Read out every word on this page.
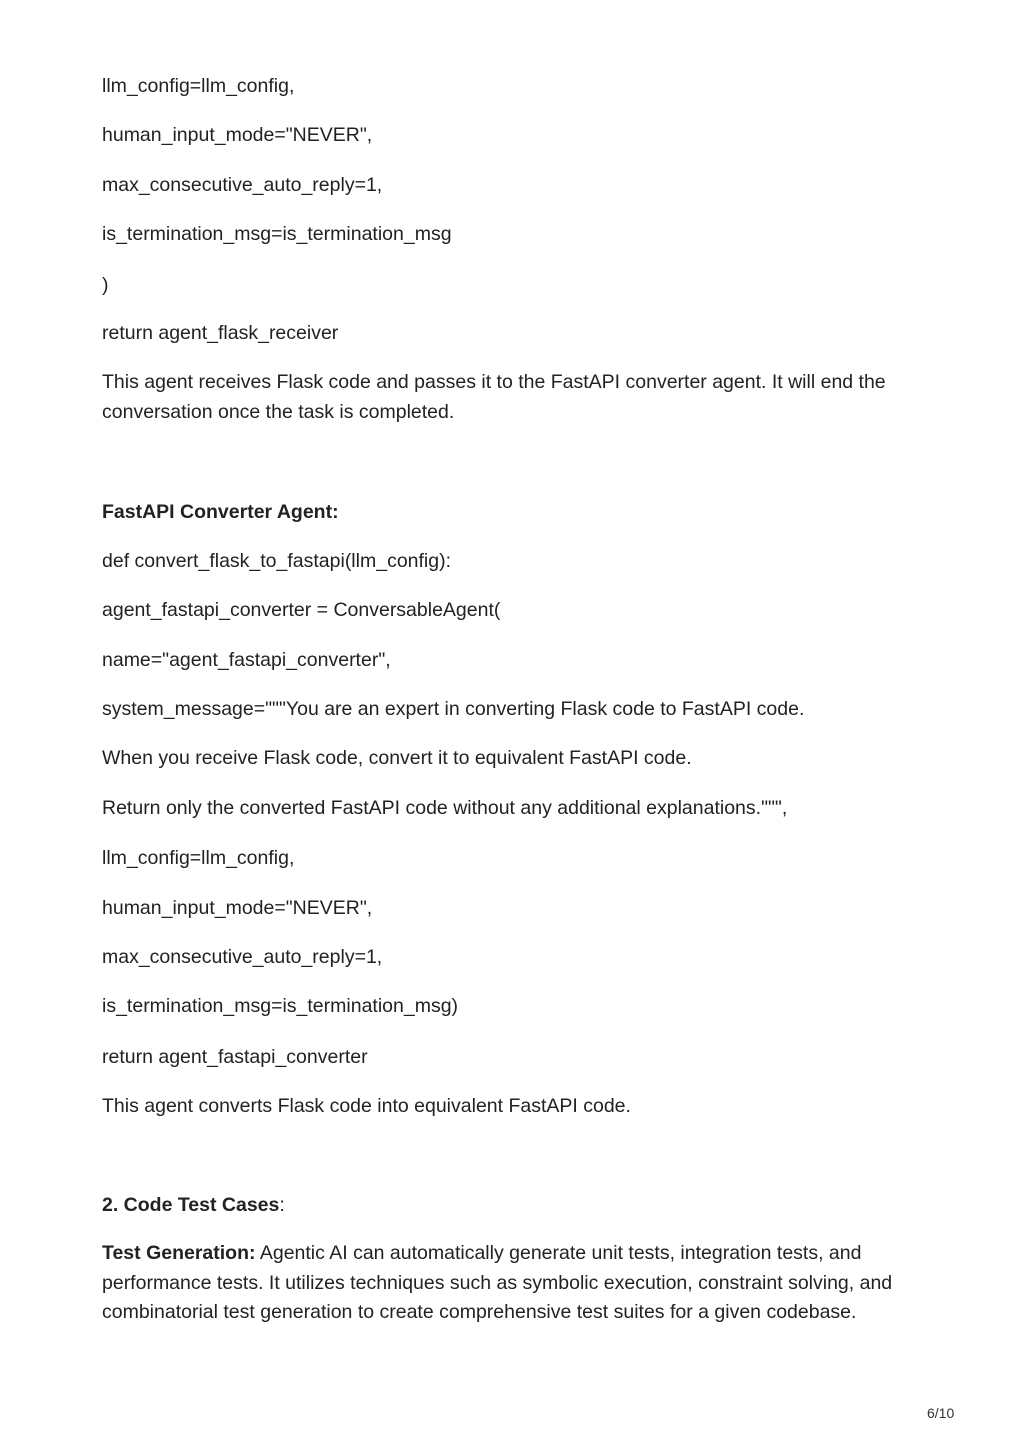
llm_config=llm_config,
human_input_mode="NEVER",
max_consecutive_auto_reply=1,
is_termination_msg=is_termination_msg
)
return agent_flask_receiver
This agent receives Flask code and passes it to the FastAPI converter agent. It will end the conversation once the task is completed.
FastAPI Converter Agent:
def convert_flask_to_fastapi(llm_config):
agent_fastapi_converter = ConversableAgent(
name="agent_fastapi_converter",
system_message="""You are an expert in converting Flask code to FastAPI code.
When you receive Flask code, convert it to equivalent FastAPI code.
Return only the converted FastAPI code without any additional explanations.""",
llm_config=llm_config,
human_input_mode="NEVER",
max_consecutive_auto_reply=1,
is_termination_msg=is_termination_msg)
return agent_fastapi_converter
This agent converts Flask code into equivalent FastAPI code.
2. Code Test Cases:
Test Generation: Agentic AI can automatically generate unit tests, integration tests, and performance tests. It utilizes techniques such as symbolic execution, constraint solving, and combinatorial test generation to create comprehensive test suites for a given codebase.
6/10
